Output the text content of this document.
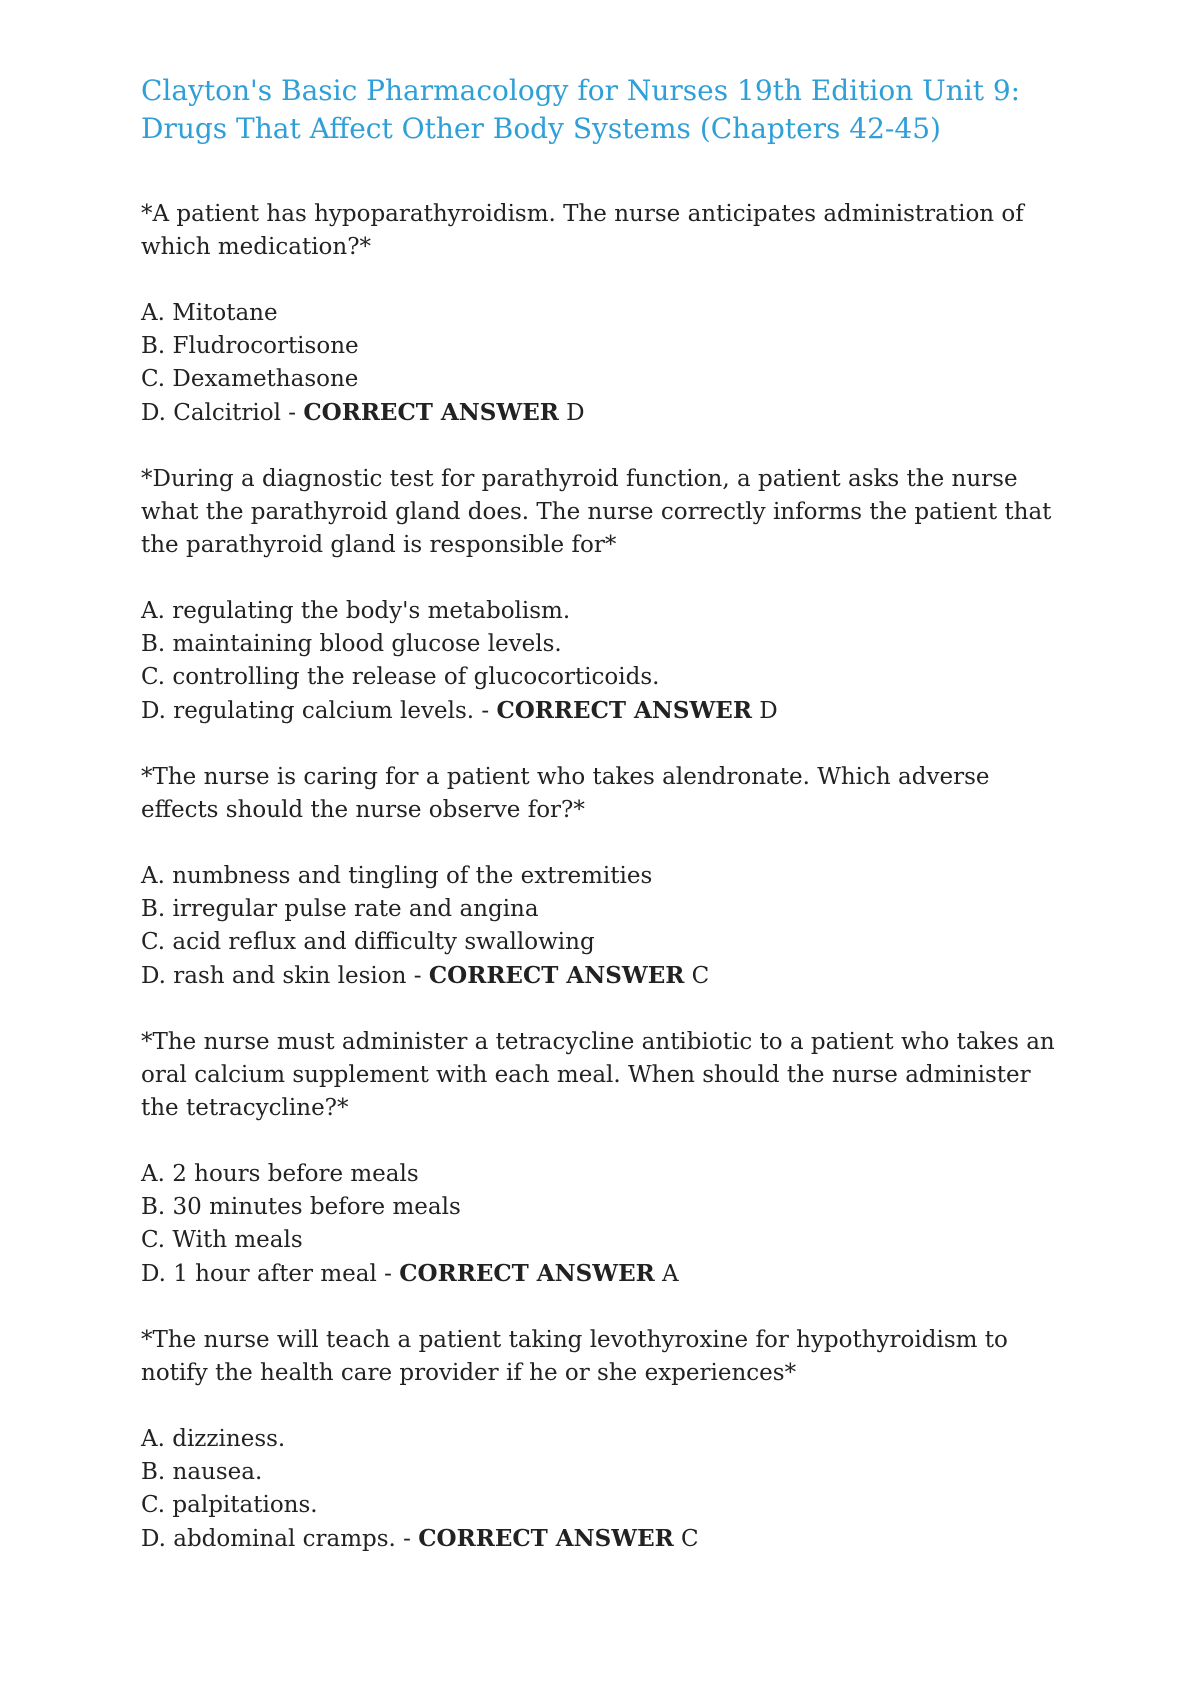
Clayton's Basic Pharmacology for Nurses 19th Edition Unit 9: Drugs That Affect Other Body Systems (Chapters 42-45)

*A patient has hypoparathyroidism. The nurse anticipates administration of which medication?*

A. Mitotane
B. Fludrocortisone
C. Dexamethasone
D. Calcitriol - CORRECT ANSWER D

*During a diagnostic test for parathyroid function, a patient asks the nurse what the parathyroid gland does. The nurse correctly informs the patient that the parathyroid gland is responsible for*

A. regulating the body's metabolism.
B. maintaining blood glucose levels.
C. controlling the release of glucocorticoids.
D. regulating calcium levels. - CORRECT ANSWER D

*The nurse is caring for a patient who takes alendronate. Which adverse effects should the nurse observe for?*

A. numbness and tingling of the extremities
B. irregular pulse rate and angina
C. acid reflux and difficulty swallowing
D. rash and skin lesion - CORRECT ANSWER C

*The nurse must administer a tetracycline antibiotic to a patient who takes an oral calcium supplement with each meal. When should the nurse administer the tetracycline?*

A. 2 hours before meals
B. 30 minutes before meals
C. With meals
D. 1 hour after meal - CORRECT ANSWER A

*The nurse will teach a patient taking levothyroxine for hypothyroidism to notify the health care provider if he or she experiences*

A. dizziness.
B. nausea.
C. palpitations.
D. abdominal cramps. - CORRECT ANSWER C
